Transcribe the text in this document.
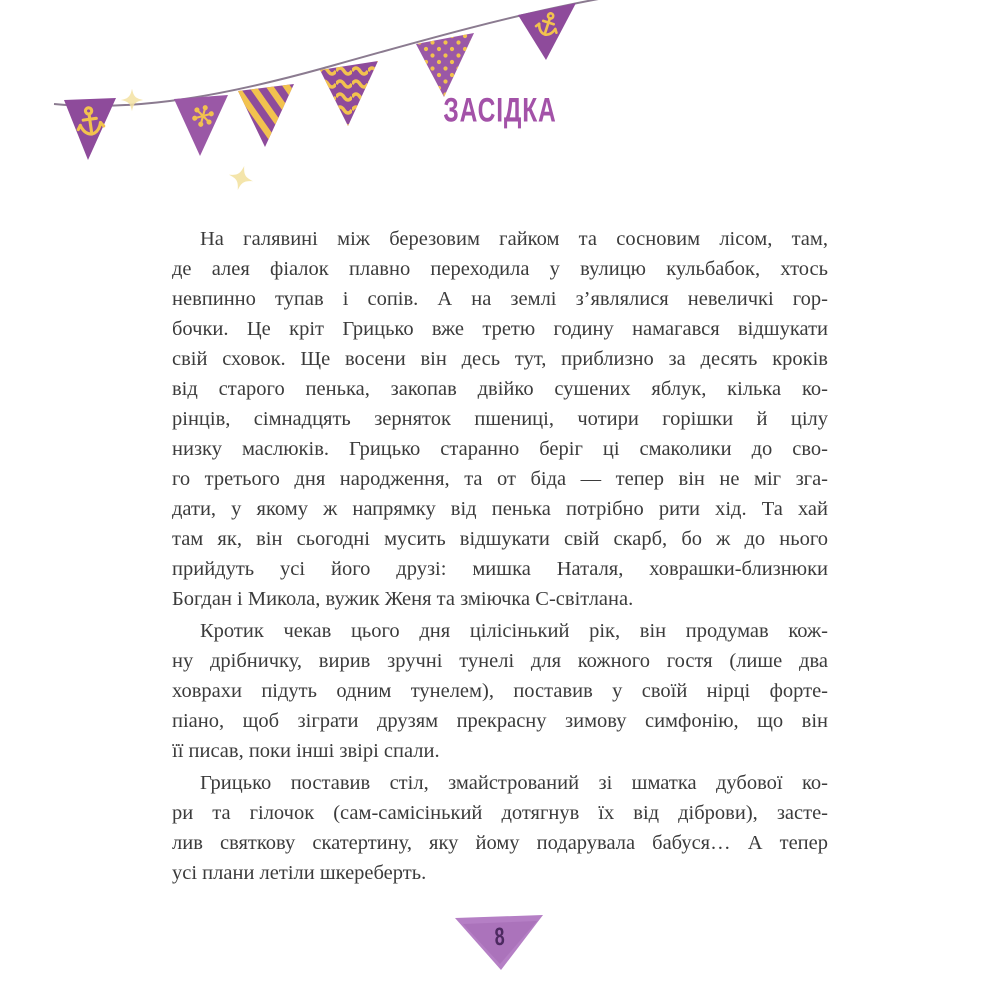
ЗАСІДКА
На галявині між березовим гайком та сосновим лісом, там,
де алея фіалок плавно переходила у вулицю кульбабок, хтось
невпинно тупав і сопів. А на землі з’являлися невеличкі гор-
бочки. Це кріт Грицько вже третю годину намагався відшукати
свій сховок. Ще восени він десь тут, приблизно за десять кроків
від старого пенька, закопав двійко сушених яблук, кілька ко-
рінців, сімнадцять зерняток пшениці, чотири горішки й цілу
низку маслюків. Грицько старанно беріг ці смаколики до сво-
го третього дня народження, та от біда — тепер він не міг зга-
дати, у якому ж напрямку від пенька потрібно рити хід. Та хай
там як, він сьогодні мусить відшукати свій скарб, бо ж до нього
прийдуть усі його друзі: мишка Наталя, ховрашки-близнюки
Богдан і Микола, вужик Женя та зміючка С-світлана.
Кротик чекав цього дня цілісінький рік, він продумав кож-
ну дрібничку, вирив зручні тунелі для кожного гостя (лише два
ховрахи підуть одним тунелем), поставив у своїй нірці форте-
піано, щоб зіграти друзям прекрасну зимову симфонію, що він
її писав, поки інші звірі спали.
Грицько поставив стіл, змайстрований зі шматка дубової ко-
ри та гілочок (сам-самісінький дотягнув їх від діброви), засте-
лив святкову скатертину, яку йому подарувала бабуся… А тепер
усі плани летіли шкереберть.
8
